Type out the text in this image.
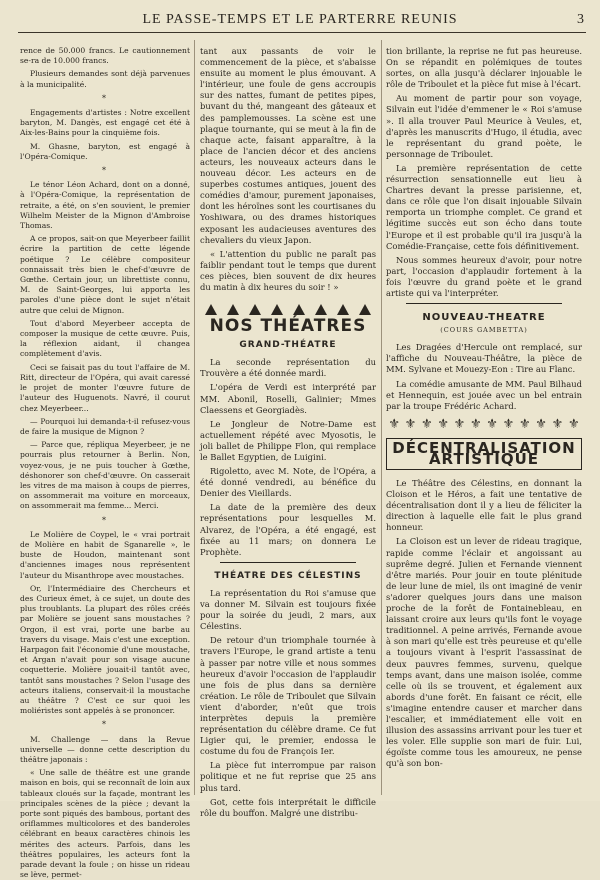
LE PASSE-TEMPS ET LE PARTERRE REUNIS	3

rence de 50.000 francs. Le cautionnement se-ra de 10.000 francs.

Plusieurs demandes sont déjà parvenues à la municipalité.

*

Engagements d'artistes : Notre excellent baryton, M. Dangès, est engagé cet été à Aix-les-Bains pour la cinquième fois.

M. Ghasne, baryton, est engagé à l'Opéra-Comique.

*

Le ténor Léon Achard, dont on a donné, à l'Opéra-Comique, la représentation de retraite, a été, on s'en souvient, le premier Wilhelm Meister de la Mignon d'Ambroise Thomas.

A ce propos, sait-on que Meyerbeer faillit écrire la partition de cette légende poétique ? Le célèbre compositeur connaissait très bien le chef-d'œuvre de Gœthe. Certain jour, un librettiste connu, M. de Saint-Georges, lui apporta les paroles d'une pièce dont le sujet n'était autre que celui de Mignon.

Tout d'abord Meyerbeer accepta de composer la musique de cette œuvre. Puis, la réflexion aidant, il changea complètement d'avis.

Ceci se faisait pas du tout l'affaire de M. Ritt, directeur de l'Opéra, qui avait caressé le projet de monter l'œuvre future de l'auteur des Huguenots. Navré, il courut chez Meyerbeer...

— Pourquoi lui demanda-t-il refusez-vous de faire la musique de Mignon ?

— Parce que, répliqua Meyerbeer, je ne pourrais plus retourner à Berlin. Non, voyez-vous, je ne puis toucher à Gœthe, déshonorer son chef-d'œuvre. On casserait les vitres de ma maison à coups de pierres, on assommerait ma voiture en morceaux, on assommerait ma femme... Merci.

*

Le Molière de Coypel, le « vrai portrait de Molière en habit de Sganarelle », le buste de Houdon, maintenant sont d'anciennes images nous représentent l'auteur du Misanthrope avec moustaches.

Or, l'Intermédiaire des Chercheurs et des Curieux émet, à ce sujet, un doute des plus troublants. La plupart des rôles créés par Molière se jouent sans moustaches ? Orgon, il est vrai, porte une barbe au travers du visage. Mais c'est une exception. Harpagon fait l'économie d'une moustache, et Argan n'avait pour son visage aucune coquetterie. Molière jouait-il tantôt avec, tantôt sans moustaches ? Selon l'usage des acteurs italiens, conservait-il la moustache au théâtre ? C'est ce sur quoi les moliéristes sont appelés à se prononcer.

*

M. Challenge — dans la Revue universelle — donne cette description du théâtre japonais :

« Une salle de théâtre est une grande maison en bois, qui se reconnaît de loin aux tableaux cloués sur la façade, montrant les principales scènes de la pièce ; devant la porte sont piqués des bambous, portant des oriflammes multicolores et des banderoles célébrant en beaux caractères chinois les mérites des acteurs. Parfois, dans les théâtres populaires, les acteurs font la parade devant la foule ; on hisse un rideau se lève, permet-

tant aux passants de voir le commencement de la pièce, et s'abaisse ensuite au moment le plus émouvant. A l'intérieur, une foule de gens accroupis sur des nattes, fumant de petites pipes, buvant du thé, mangeant des gâteaux et des pamplemousses. La scène est une plaque tournante, qui se meut à la fin de chaque acte, faisant apparaître, à la place de l'ancien décor et des anciens acteurs, les nouveaux acteurs dans le nouveau décor. Les acteurs en de superbes costumes antiques, jouent des comédies d'amour, purement japonaises, dont les héroïnes sont les courtisanes du Yoshiwara, ou des drames historiques exposant les audacieuses aventures des chevaliers du vieux Japon.

« L'attention du public ne paraît pas faiblir pendant tout le temps que durent ces pièces, bien souvent de dix heures du matin à dix heures du soir ! »

NOS THÉATRES
GRAND-THÉATRE

La seconde représentation du Trouvère a été donnée mardi.

L'opéra de Verdi est interprété par MM. Abonil, Roselli, Galinier; Mmes Claessens et Georgiadès.

Le Jongleur de Notre-Dame est actuellement répété avec Myosotis, le joli ballet de Philippe Flon, qui remplace le Ballet Egyptien, de Luigini.

Rigoletto, avec M. Note, de l'Opéra, a été donné vendredi, au bénéfice du Denier des Vieillards.

La date de la première des deux représentations pour lesquelles M. Alvarez, de l'Opéra, a été engagé, est fixée au 11 mars; on donnera Le Prophète.

THÉATRE DES CÉLESTINS

La représentation du Roi s'amuse que va donner M. Silvain est toujours fixée pour la soirée du jeudi, 2 mars, aux Célestins.

De retour d'un triomphale tournée à travers l'Europe, le grand artiste a tenu à passer par notre ville et nous sommes heureux d'avoir l'occasion de l'applaudir une fois de plus dans sa dernière création. Le rôle de Triboulet que Silvain vient d'aborder, n'eût que trois interprètes depuis la première représentation du célèbre drame. Ce fut Ligier qui, le premier, endossa le costume du fou de François Ier.

La pièce fut interrompue par raison politique et ne fut reprise que 25 ans plus tard.

Got, cette fois interprétait le difficile rôle du bouffon. Malgré une distribu-

tion brillante, la reprise ne fut pas heureuse. On se répandit en polémiques de toutes sortes, on alla jusqu'à déclarer injouable le rôle de Triboulet et la pièce fut mise à l'écart.

Au moment de partir pour son voyage, Silvain eut l'idée d'emmener le « Roi s'amuse ». Il alla trouver Paul Meurice à Veules, et, d'après les manuscrits d'Hugo, il étudia, avec le représentant du grand poète, le personnage de Triboulet.

La première représentation de cette résurrection sensationnelle eut lieu à Chartres devant la presse parisienne, et, dans ce rôle que l'on disait injouable Silvain remporta un triomphe complet. Ce grand et légitime succès eut son écho dans toute l'Europe et il est probable qu'il ira jusqu'à la Comédie-Française, cette fois définitivement.

Nous sommes heureux d'avoir, pour notre part, l'occasion d'applaudir fortement à la fois l'œuvre du grand poète et le grand artiste qui va l'interpréter.

NOUVEAU-THEATRE
(COURS GAMBETTA)

Les Dragées d'Hercule ont remplacé, sur l'affiche du Nouveau-Théâtre, la pièce de MM. Sylvane et Mouezy-Eon : Tire au Flanc.

La comédie amusante de MM. Paul Bilhaud et Hennequin, est jouée avec un bel entrain par la troupe Frédéric Achard.

⚜ ⚜ ⚜ ⚜ ⚜ ⚜ ⚜ ⚜ ⚜ ⚜ ⚜ ⚜
DÉCENTRALISATION ARTISTIQUE

Le Théâtre des Célestins, en donnant la Cloison et le Héros, a fait une tentative de décentralisation dont il y a lieu de féliciter la direction à laquelle elle fait le plus grand honneur.

La Cloison est un lever de rideau tragique, rapide comme l'éclair et angoissant au suprême degré. Julien et Fernande viennent d'être mariés. Pour jouir en toute plénitude de leur lune de miel, ils ont imaginé de venir s'adorer quelques jours dans une maison proche de la forêt de Fontainebleau, en laissant croire aux leurs qu'ils font le voyage traditionnel. A peine arrivés, Fernande avoue à son mari qu'elle est très peureuse et qu'elle a toujours vivant à l'esprit l'assassinat de deux pauvres femmes, survenu, quelque temps avant, dans une maison isolée, comme celle où ils se trouvent, et également aux abords d'une forêt. En faisant ce récit, elle s'imagine entendre causer et marcher dans l'escalier, et immédiatement elle voit en illusion des assassins arrivant pour les tuer et les voler. Elle supplie son mari de fuir. Lui, égoïste comme tous les amoureux, ne pense qu'à son bon-
